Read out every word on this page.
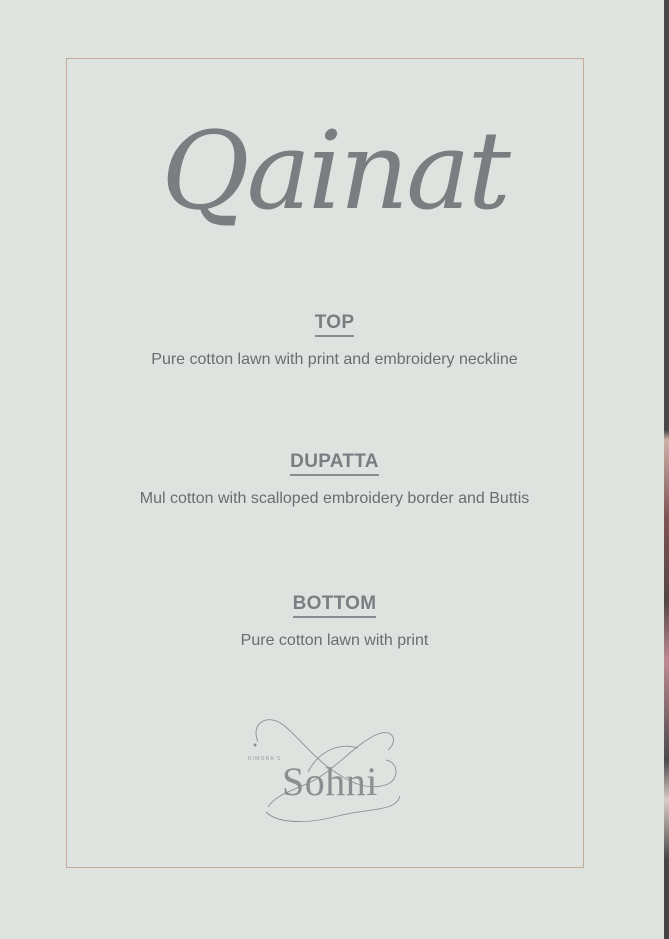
Qainat
TOP
Pure cotton lawn with print and embroidery neckline
DUPATTA
Mul cotton with scalloped embroidery border and Buttis
BOTTOM
Pure cotton lawn with print
KIMORA'S Sohni
